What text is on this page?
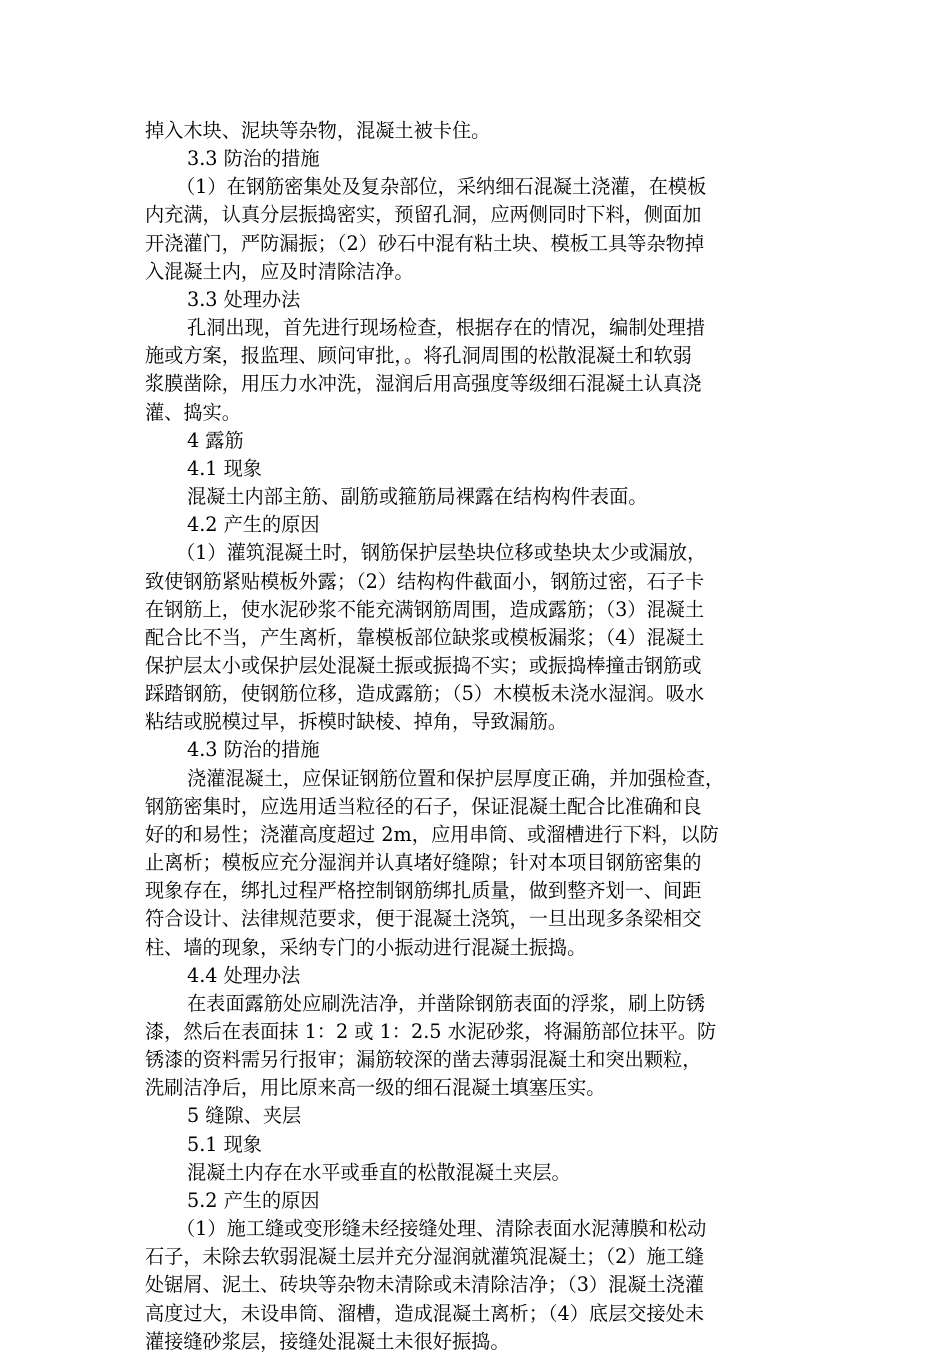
掉入木块、泥块等杂物，混凝土被卡住。
3.3 防治的措施
（1）在钢筋密集处及复杂部位，采纳细石混凝土浇灌，在模板
内充满，认真分层振捣密实，预留孔洞，应两侧同时下料，侧面加
开浇灌门，严防漏振；（2）砂石中混有粘土块、模板工具等杂物掉
入混凝土内，应及时清除洁净。
3.3 处理办法
孔洞出现，首先进行现场检查，根据存在的情况，编制处理措
施或方案，报监理、顾问审批，。将孔洞周围的松散混凝土和软弱
浆膜凿除，用压力水冲洗，湿润后用高强度等级细石混凝土认真浇
灌、捣实。
4 露筋
4.1 现象
混凝土内部主筋、副筋或箍筋局裸露在结构构件表面。
4.2 产生的原因
（1）灌筑混凝土时，钢筋保护层垫块位移或垫块太少或漏放，
致使钢筋紧贴模板外露；（2）结构构件截面小，钢筋过密，石子卡
在钢筋上，使水泥砂浆不能充满钢筋周围，造成露筋；（3）混凝土
配合比不当，产生离析，靠模板部位缺浆或模板漏浆；（4）混凝土
保护层太小或保护层处混凝土振或振捣不实；或振捣棒撞击钢筋或
踩踏钢筋，使钢筋位移，造成露筋；（5）木模板未浇水湿润。吸水
粘结或脱模过早，拆模时缺棱、掉角，导致漏筋。
4.3 防治的措施
浇灌混凝土，应保证钢筋位置和保护层厚度正确，并加强检查，
钢筋密集时，应选用适当粒径的石子，保证混凝土配合比准确和良
好的和易性；浇灌高度超过 2m，应用串筒、或溜槽进行下料，以防
止离析；模板应充分湿润并认真堵好缝隙；针对本项目钢筋密集的
现象存在，绑扎过程严格控制钢筋绑扎质量，做到整齐划一、间距
符合设计、法律规范要求，便于混凝土浇筑，一旦出现多条梁相交
柱、墙的现象，采纳专门的小振动进行混凝土振捣。
4.4 处理办法
在表面露筋处应刷洗洁净，并凿除钢筋表面的浮浆，刷上防锈
漆，然后在表面抹 1：2 或 1：2.5 水泥砂浆，将漏筋部位抹平。防
锈漆的资料需另行报审；漏筋较深的凿去薄弱混凝土和突出颗粒，
洗刷洁净后，用比原来高一级的细石混凝土填塞压实。
5 缝隙、夹层
5.1 现象
混凝土内存在水平或垂直的松散混凝土夹层。
5.2 产生的原因
（1）施工缝或变形缝未经接缝处理、清除表面水泥薄膜和松动
石子，未除去软弱混凝土层并充分湿润就灌筑混凝土；（2）施工缝
处锯屑、泥土、砖块等杂物未清除或未清除洁净；（3）混凝土浇灌
高度过大，未设串筒、溜槽，造成混凝土离析；（4）底层交接处未
灌接缝砂浆层，接缝处混凝土未很好振捣。
